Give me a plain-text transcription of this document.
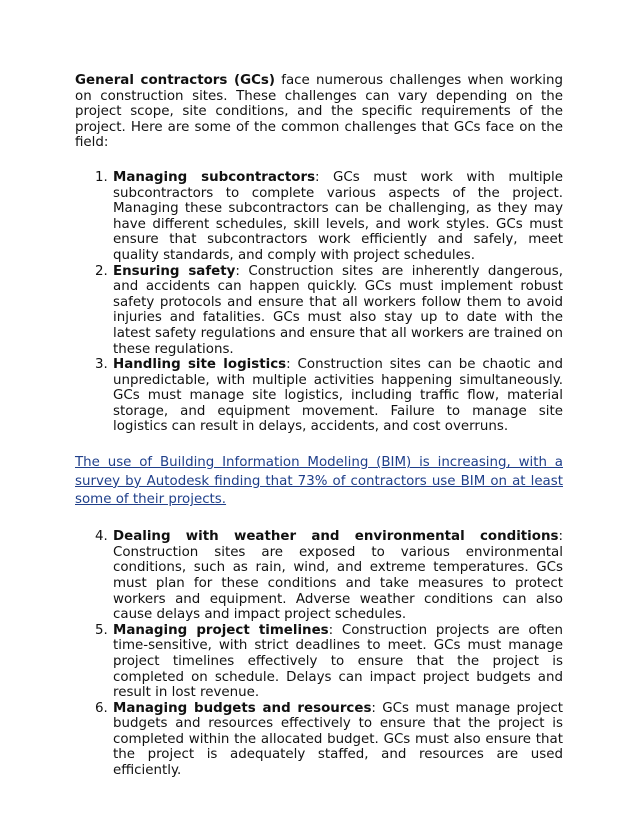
General contractors (GCs) face numerous challenges when working on construction sites. These challenges can vary depending on the project scope, site conditions, and the specific requirements of the project. Here are some of the common challenges that GCs face on the field:

1. Managing subcontractors: GCs must work with multiple subcontractors to complete various aspects of the project. Managing these subcontractors can be challenging, as they may have different schedules, skill levels, and work styles. GCs must ensure that subcontractors work efficiently and safely, meet quality standards, and comply with project schedules.
2. Ensuring safety: Construction sites are inherently dangerous, and accidents can happen quickly. GCs must implement robust safety protocols and ensure that all workers follow them to avoid injuries and fatalities. GCs must also stay up to date with the latest safety regulations and ensure that all workers are trained on these regulations.
3. Handling site logistics: Construction sites can be chaotic and unpredictable, with multiple activities happening simultaneously. GCs must manage site logistics, including traffic flow, material storage, and equipment movement. Failure to manage site logistics can result in delays, accidents, and cost overruns.

The use of Building Information Modeling (BIM) is increasing, with a survey by Autodesk finding that 73% of contractors use BIM on at least some of their projects.

4. Dealing with weather and environmental conditions: Construction sites are exposed to various environmental conditions, such as rain, wind, and extreme temperatures. GCs must plan for these conditions and take measures to protect workers and equipment. Adverse weather conditions can also cause delays and impact project schedules.
5. Managing project timelines: Construction projects are often time-sensitive, with strict deadlines to meet. GCs must manage project timelines effectively to ensure that the project is completed on schedule. Delays can impact project budgets and result in lost revenue.
6. Managing budgets and resources: GCs must manage project budgets and resources effectively to ensure that the project is completed within the allocated budget. GCs must also ensure that the project is adequately staffed, and resources are used efficiently.
